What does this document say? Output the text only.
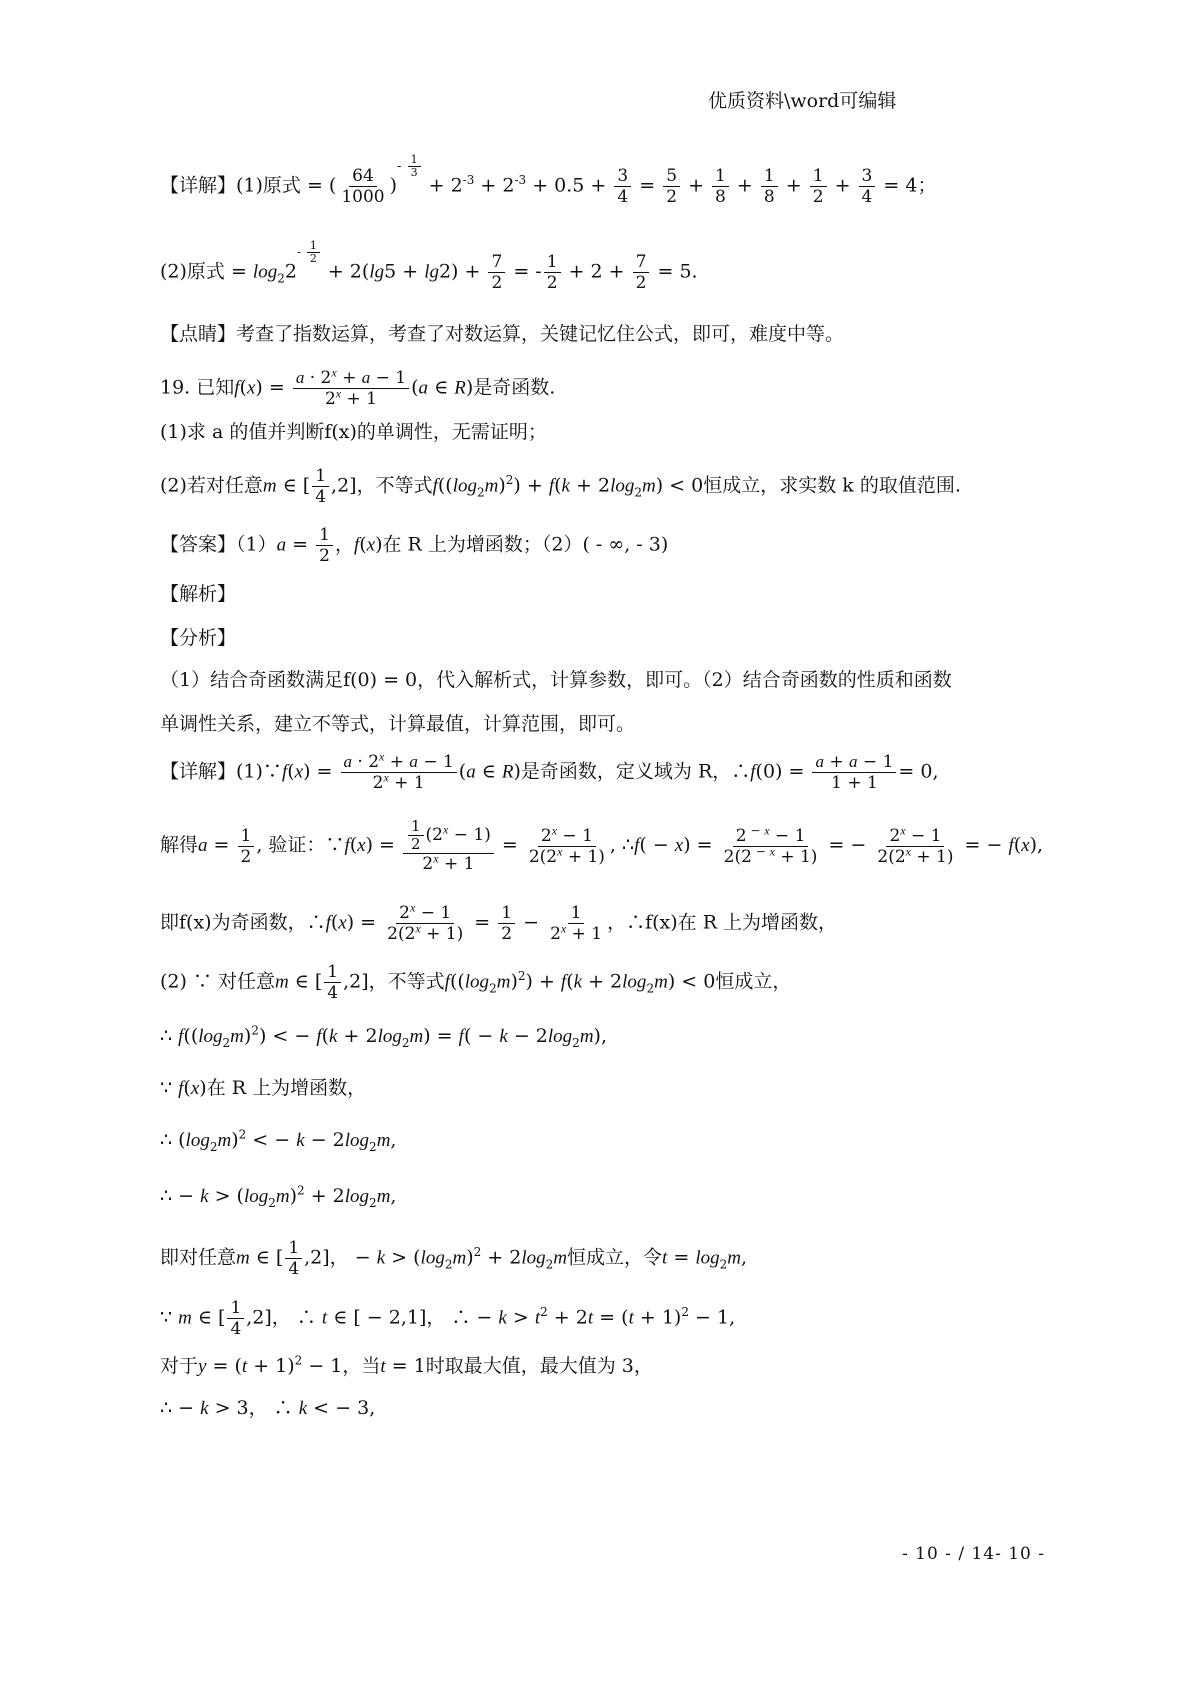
优质资料\word可编辑
【详解】(1)原式 = ( $\frac{64}{1000} )^{- \frac{1}{3}}$
+ $2^{-3} + 2^{-3} + 0.5 + \frac{3}{4} = \frac{5}{2} + \frac{1}{8} + \frac{1}{8} + \frac{1}{2} + \frac{3}{4} = 4$；
(2)原式 = $\log_22^{- \frac{1}{2}}$
+ $2(\lg 5 + \lg 2) + \frac{7}{2}$ = - $\frac{1}{2} + 2 + \frac{7}{2} = 5$.
【点睛】考查了指数运算，考查了对数运算，关键记忆住公式，即可，难度中等。
19. 已知$f(x) = \frac{a \cdot 2^x + a - 1}{2^x + 1} (a$ ∈ R)是奇函数.
(1)求 a 的值并判断f(x)的单调性，无需证明；
(2)若对任意m ∈ [ $\frac{1}{4} ,2$]，不等式$f((\log_2m)^2) + f(k + 2\log_2m) < 0$恒成立，求实数 k 的取值范围.
【答案】$(1)a = \frac{1}{2}$ ，f(x)在 R 上为增函数；（2）( - ∞, - 3)
【解析】
【分析】
（1）结合奇函数满足f(0) = 0，代入解析式，计算参数，即可。（2）结合奇函数的性质和函数
单调性关系，建立不等式，计算最值，计算范围，即可。
【详解】(1)∵f(x) = $\frac{a \cdot 2^x + a - 1}{2^x + 1} (a$ ∈ R)是奇函数，定义域为 R，∴f(0) = $\frac{a + a - 1}{1 + 1} = 0$,
解得$a = \frac{1}{2}$ , 验证：∵f(x) = $\frac{\frac{1}{2} (2^x - 1)}{2^x + 1} = \frac{2^x - 1}{2(2^x + 1)}$ , ∴f( − $x) = \frac{2 ^{- x} - 1}{2(2 ^{- x} + 1)}$ = − $\frac{2^x - 1}{2(2^x + 1)}$ = − f(x),
即f(x)为奇函数，∴f(x) = $\frac{2^x - 1}{2(2^x + 1)} = \frac{1}{2} - \frac{1}{2^x + 1}$ ，∴f(x)在 R 上为增函数，
(2) ∵ 对任意m ∈ [ $\frac{1}{4} ,2$]，不等式$f((\log_2m)^2) + f(k + 2\log_2m) < 0$恒成立，
∴ $f((\log_2m)^2)$ < − $f(k + 2\log_2m) = f( - k - 2\log_2m)$,
∵ f(x)在 R 上为增函数，
∴ $(\log_2m)^2$ < − $k - 2\log_2m$,
∴ − $k > (\log_2m)^2 + 2\log_2m$,
即对任意m ∈ [ $\frac{1}{4} ,2$]， − $k > (\log_2m)^2 + 2\log_2m$恒成立，令$t = \log_2m$,
∵ m ∈ [ $\frac{1}{4} ,2$]， ∴ t ∈ [ − 2,1]， ∴ − $k > t^2 + 2t = (t + 1)^2 - 1$,
对于$y = (t + 1)^2 - 1$，当t = 1时取最大值，最大值为 3，
∴ − k > 3， ∴ k < − 3,
- 10 - / 14- 10 -
